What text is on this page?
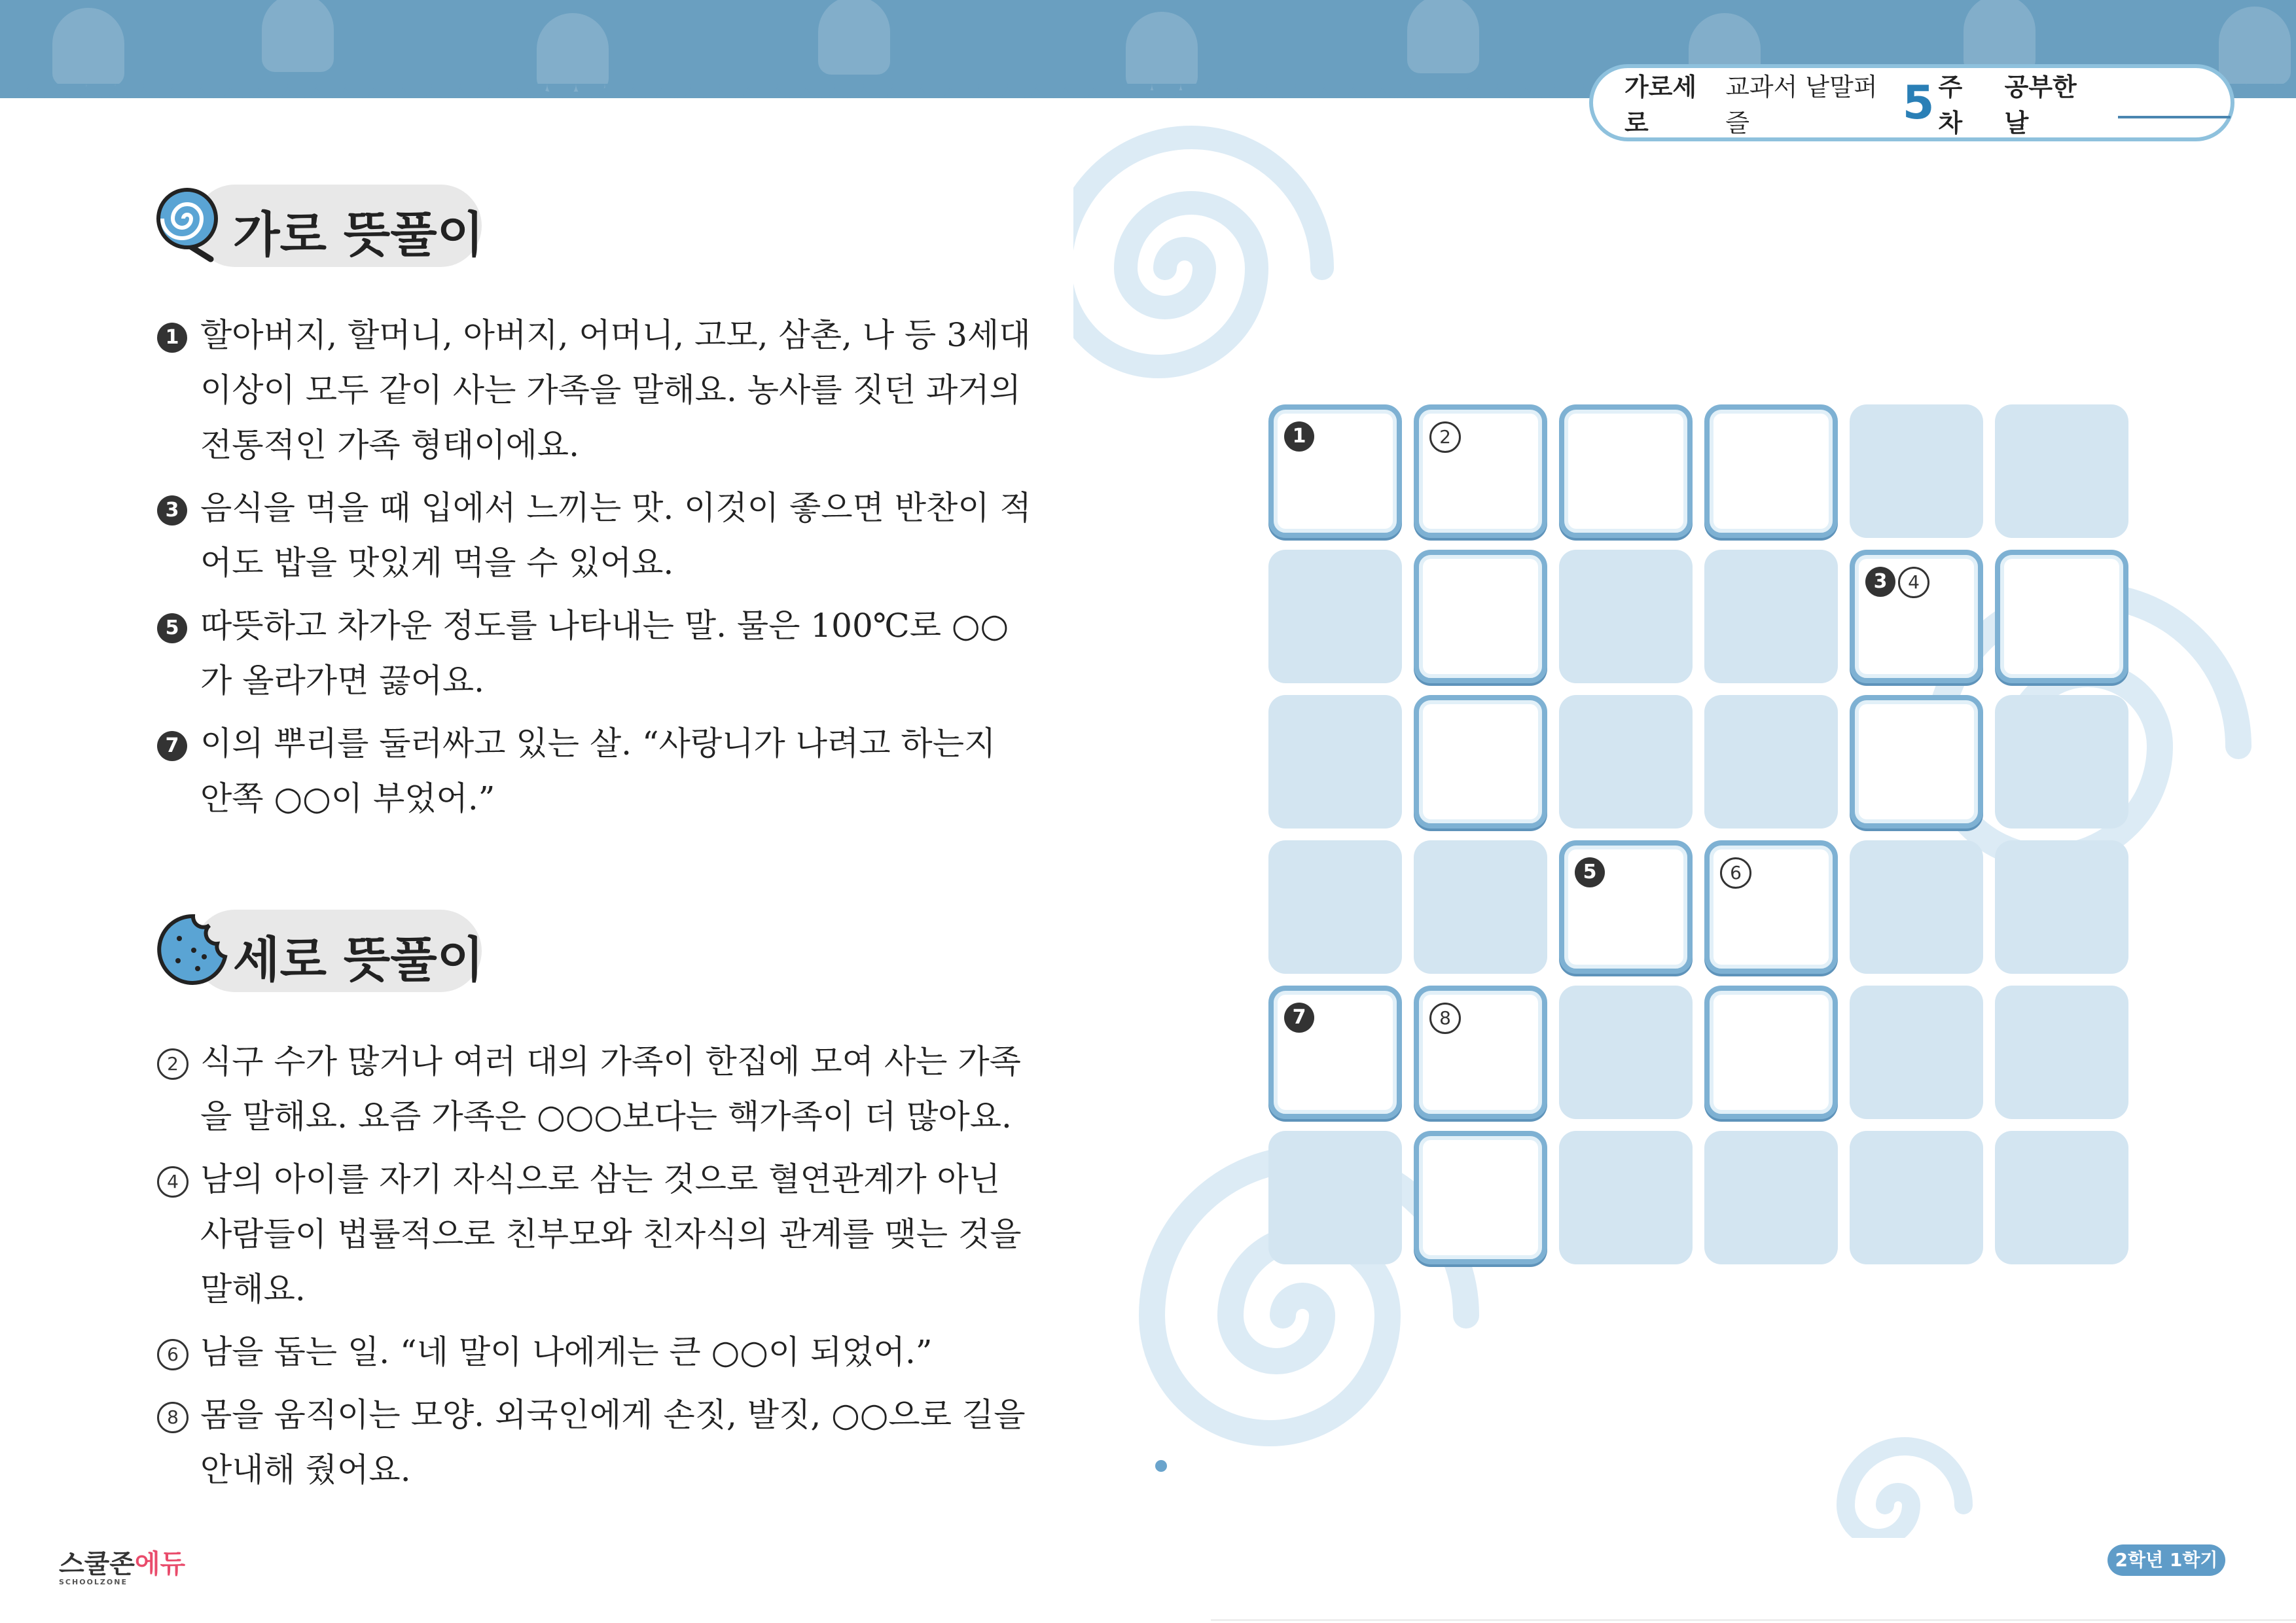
가로세로
교과서 낱말퍼즐	5 주차
공부한 날
가로 뜻풀이
1 할아버지, 할머니, 아버지, 어머니, 고모, 삼촌, 나 등 3세대 이상이 모두 같이 사는 가족을 말해요. 농사를 짓던 과거의 전통적인 가족 형태이에요.
3 음식을 먹을 때 입에서 느끼는 맛. 이것이 좋으면 반찬이 적어도 밥을 맛있게 먹을 수 있어요.
5 따뜻하고 차가운 정도를 나타내는 말. 물은 100℃로 ○○가 올라가면 끓어요.
7 이의 뿌리를 둘러싸고 있는 살. “사랑니가 나려고 하는지 안쪽 ○○이 부었어.”
세로 뜻풀이
2 식구 수가 많거나 여러 대의 가족이 한집에 모여 사는 가족을 말해요. 요즘 가족은 ○○○보다는 핵가족이 더 많아요.
4 남의 아이를 자기 자식으로 삼는 것으로 혈연관계가 아닌 사람들이 법률적으로 친부모와 친자식의 관계를 맺는 것을 말해요.
6 남을 돕는 일. “네 말이 나에게는 큰 ○○이 되었어.”
8 몸을 움직이는 모양. 외국인에게 손짓, 발짓, ○○으로 길을 안내해 줬어요.
1	2
3	4
5	6
7	8
스쿨존에듀
SCHOOLZONE
2학년 1학기
